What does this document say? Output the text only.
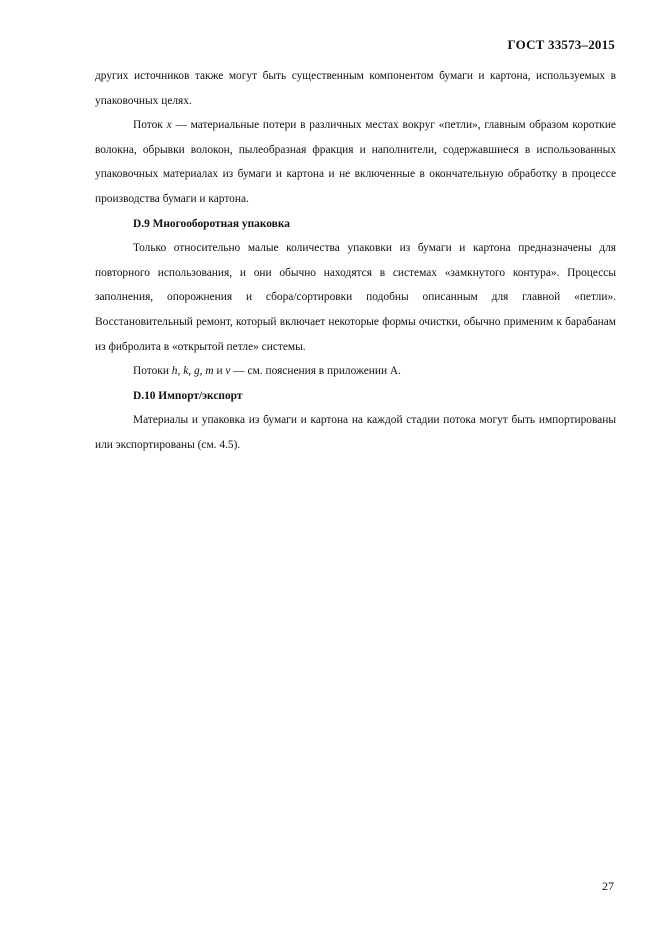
ГОСТ 33573–2015

других источников также могут быть существенным компонентом бумаги и картона, используемых в упаковочных целях.

Поток x — материальные потери в различных местах вокруг «петли», главным образом короткие волокна, обрывки волокон, пылеобразная фракция и наполнители, содержавшиеся в использованных упаковочных материалах из бумаги и картона и не включенные в окончательную обработку в процессе производства бумаги и картона.

D.9 Многооборотная упаковка

Только относительно малые количества упаковки из бумаги и картона предназначены для повторного использования, и они обычно находятся в системах «замкнутого контура». Процессы заполнения, опорожнения и сбора/сортировки подобны описанным для главной «петли». Восстановительный ремонт, который включает некоторые формы очистки, обычно применим к барабанам из фибролита в «открытой петле» системы.

Потоки h, k, g, m и v — см. пояснения в приложении А.

D.10 Импорт/экспорт

Материалы и упаковка из бумаги и картона на каждой стадии потока могут быть импортированы или экспортированы (см. 4.5).

27
